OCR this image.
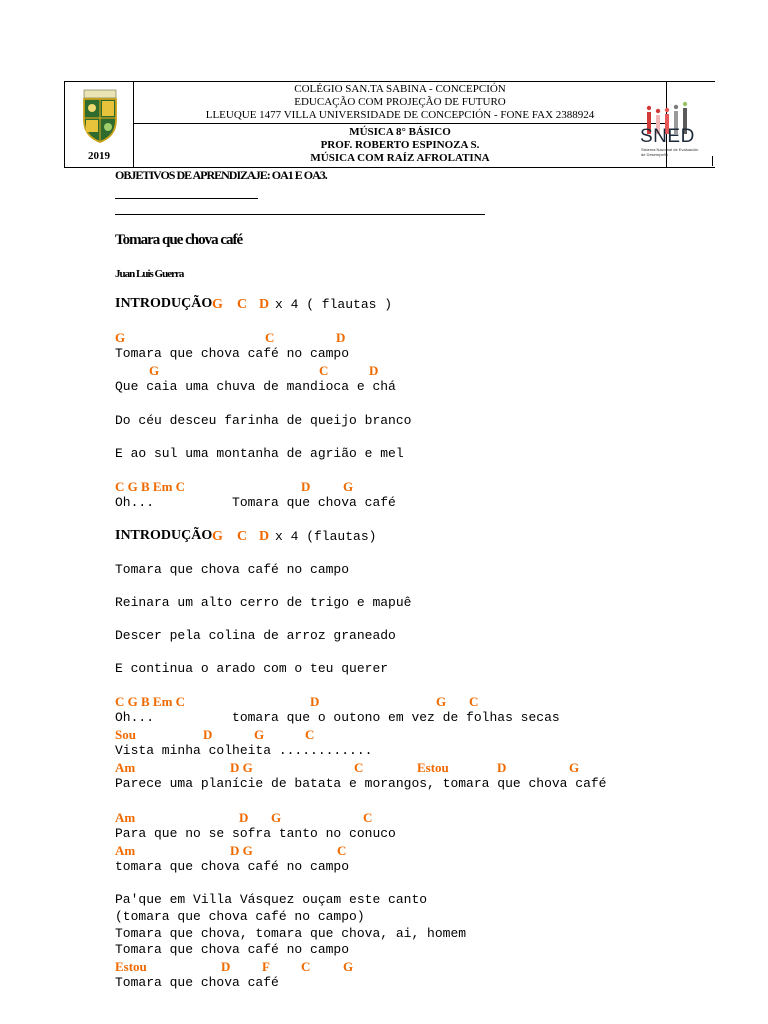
2019
COLÉGIO SAN.TA SABINA - CONCEPCIÓN
EDUCAÇÃO COM PROJEÇÃO DE FUTURO
LLEUQUE 1477 VILLA UNIVERSIDADE DE CONCEPCIÓN - FONE FAX 2388924
MÚSICA 8° BÁSICO
PROF. ROBERTO ESPINOZA S.
MÚSICA COM RAÍZ AFROLATINA
SNED
Sistema Nacional de Evaluación de Desempeño
OBJETIVOS DE APRENDIZAJE: OA1 E OA3.
Tomara que chova café
Juan Luis Guerra
INTRODUÇÃO G C D x 4 ( flautas )
G	C	D
Tomara que chova café no campo
G	C	D
Que caia uma chuva de mandioca e chá
Do céu desceu farinha de queijo branco
E ao sul uma montanha de agrião e mel
C G B Em C	D	G
Oh...          Tomara que chova café
INTRODUÇÃO G C D x 4 (flautas)
Tomara que chova café no campo
Reinara um alto cerro de trigo e mapuê
Descer pela colina de arroz graneado
E continua o arado com o teu querer
C G B Em C	D	G C
Oh...          tomara que o outono em vez de folhas secas
Sou	D	G	C
Vista minha colheita ............
Am	D G	C	Estou	D	G
Parece uma planície de batata e morangos, tomara que chova café
Am	D G	C
Para que no se sofra tanto no conuco
Am	D G	C
tomara que chova café no campo
Pa'que em Villa Vásquez ouçam este canto
(tomara que chova café no campo)
Tomara que chova, tomara que chova, ai, homem
Tomara que chova café no campo
Estou	D F C	G
Tomara que chova café
